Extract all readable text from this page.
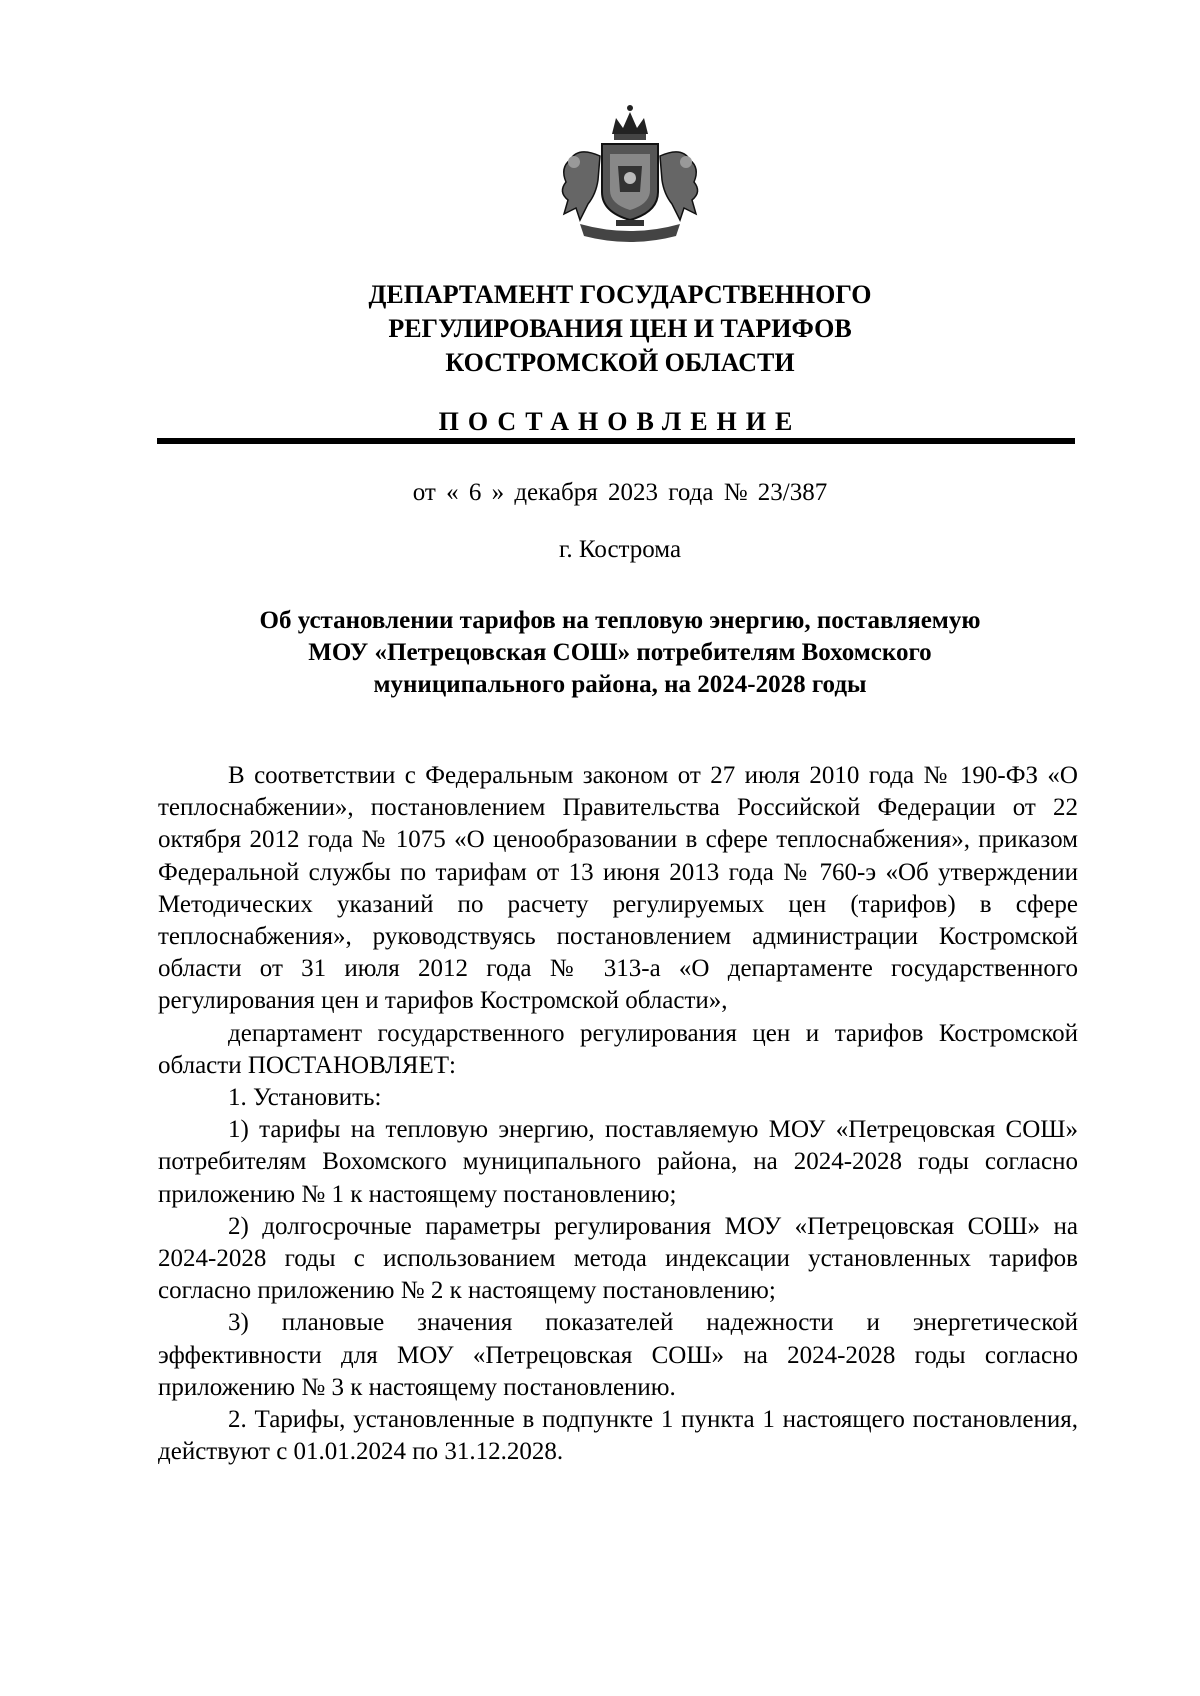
ДЕПАРТАМЕНТ ГОСУДАРСТВЕННОГО
РЕГУЛИРОВАНИЯ ЦЕН И ТАРИФОВ
КОСТРОМСКОЙ ОБЛАСТИ
ПОСТАНОВЛЕНИЕ
от « 6 » декабря 2023 года № 23/387
г. Кострома
Об установлении тарифов на тепловую энергию, поставляемую
МОУ «Петрецовская СОШ» потребителям Вохомского
муниципального района, на 2024-2028 годы

В соответствии с Федеральным законом от 27 июля 2010 года № 190-ФЗ «О теплоснабжении», постановлением Правительства Российской Федерации от 22 октября 2012 года № 1075 «О ценообразовании в сфере теплоснабжения», приказом Федеральной службы по тарифам от 13 июня 2013 года № 760-э «Об утверждении Методических указаний по расчету регулируемых цен (тарифов) в сфере теплоснабжения», руководствуясь постановлением администрации Костромской области от 31 июля 2012 года № 313-а «О департаменте государственного регулирования цен и тарифов Костромской области»,

департамент государственного регулирования цен и тарифов Костромской области ПОСТАНОВЛЯЕТ:

1. Установить:

1) тарифы на тепловую энергию, поставляемую МОУ «Петрецовская СОШ» потребителям Вохомского муниципального района, на 2024-2028 годы согласно приложению № 1 к настоящему постановлению;

2) долгосрочные параметры регулирования МОУ «Петрецовская СОШ» на 2024-2028 годы с использованием метода индексации установленных тарифов согласно приложению № 2 к настоящему постановлению;

3) плановые значения показателей надежности и энергетической эффективности для МОУ «Петрецовская СОШ» на 2024-2028 годы согласно приложению № 3 к настоящему постановлению.

2. Тарифы, установленные в подпункте 1 пункта 1 настоящего постановления, действуют с 01.01.2024 по 31.12.2028.
